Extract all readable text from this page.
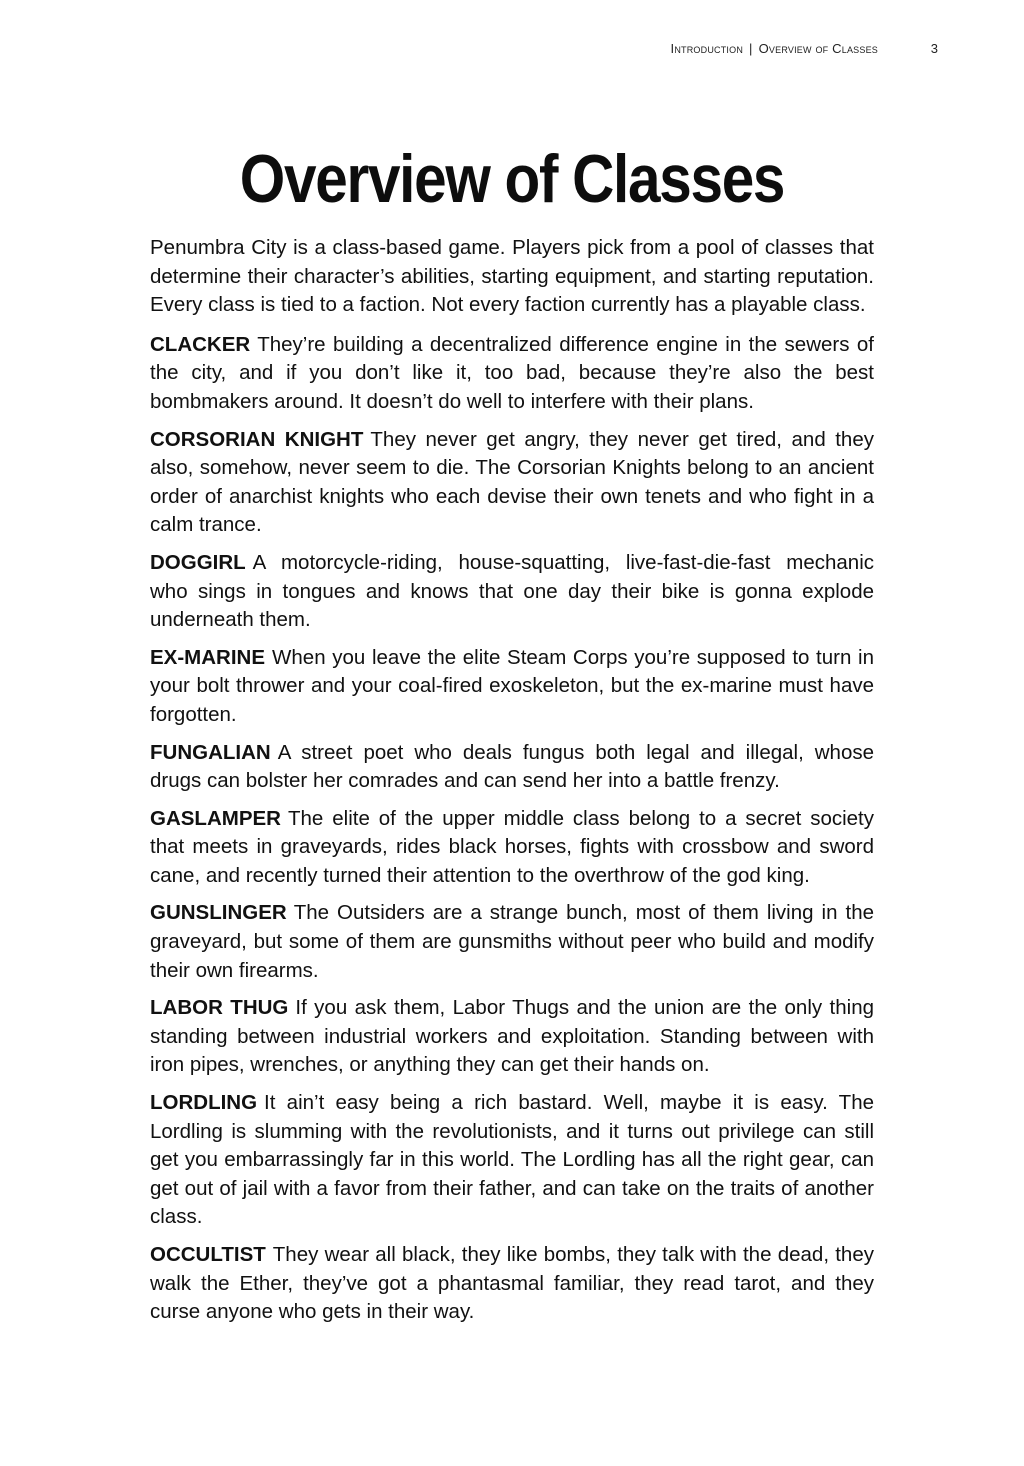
Introduction | Overview of Classes	3
Overview of Classes

Penumbra City is a class-based game. Players pick from a pool of classes that determine their character’s abilities, starting equipment, and starting reputation. Every class is tied to a faction. Not every faction currently has a playable class.

CLACKER They’re building a decentralized difference engine in the sewers of the city, and if you don’t like it, too bad, because they’re also the best bombmakers around. It doesn’t do well to interfere with their plans.

CORSORIAN KNIGHT They never get angry, they never get tired, and they also, somehow, never seem to die. The Corsorian Knights belong to an ancient order of anarchist knights who each devise their own tenets and who fight in a calm trance.

DOGGIRL A motorcycle-riding, house-squatting, live-fast-die-fast mechanic who sings in tongues and knows that one day their bike is gonna explode underneath them.

EX-MARINE When you leave the elite Steam Corps you’re supposed to turn in your bolt thrower and your coal-fired exoskeleton, but the ex-marine must have forgotten.

FUNGALIAN A street poet who deals fungus both legal and illegal, whose drugs can bolster her comrades and can send her into a battle frenzy.

GASLAMPER The elite of the upper middle class belong to a secret society that meets in graveyards, rides black horses, fights with crossbow and sword cane, and recently turned their attention to the overthrow of the god king.

GUNSLINGER The Outsiders are a strange bunch, most of them living in the graveyard, but some of them are gunsmiths without peer who build and modify their own firearms.

LABOR THUG If you ask them, Labor Thugs and the union are the only thing standing between industrial workers and exploitation. Standing between with iron pipes, wrenches, or anything they can get their hands on.

LORDLING It ain’t easy being a rich bastard. Well, maybe it is easy. The Lordling is slumming with the revolutionists, and it turns out privilege can still get you embarrassingly far in this world. The Lordling has all the right gear, can get out of jail with a favor from their father, and can take on the traits of another class.

OCCULTIST They wear all black, they like bombs, they talk with the dead, they walk the Ether, they’ve got a phantasmal familiar, they read tarot, and they curse anyone who gets in their way.
